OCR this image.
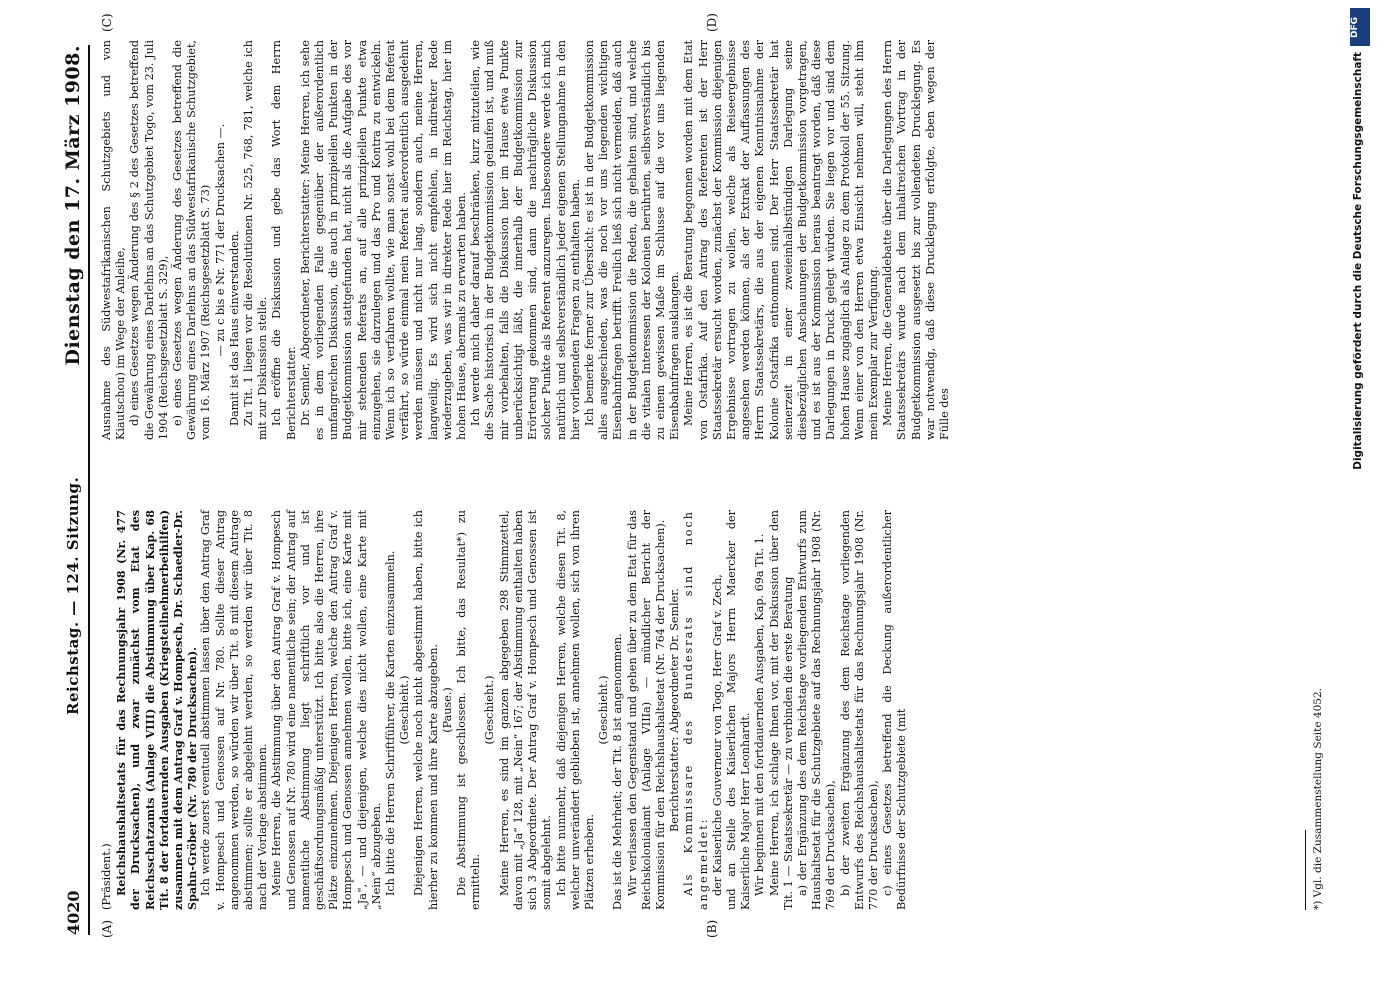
4020
Reichstag. — 124. Sitzung.
Dienstag den 17. März 1908.
(A)	(B)
(C)	(D)

(Präsident.) Reichshaushaltsetats für das Rechnungsjahr 1908 (Nr. 477 der Drucksachen), und zwar zunächst vom Etat des Reichsschatzamts (Anlage VIII) die Abstimmung über Kap. 68 Tit. 8 der fortdauernden Ausgaben (Kriegsteilnehmerbeihilfen) zusammen mit dem Antrag Graf v. Hompesch, Dr. Schaedler-Dr. Spahn-Gröber (Nr. 780 der Drucksachen). Ich werde zuerst eventuell abstimmen lassen über den Antrag Graf v. Hompesch und Genossen auf Nr. 780. Sollte dieser Antrag angenommen werden, so würden wir über Tit. 8 mit diesem Antrage abstimmen; sollte er abgelehnt werden, so werden wir über Tit. 8 nach der Vorlage abstimmen. Meine Herren, die Abstimmung über den Antrag Graf v. Hompesch und Genossen auf Nr. 780 wird eine namentliche sein; der Antrag auf namentliche Abstimmung liegt schriftlich vor und ist geschäftsordnungsmäßig unterstützt. Ich bitte also die Herren, ihre Plätze einzunehmen. Diejenigen Herren, welche den Antrag Graf v. Hompesch und Genossen annehmen wollen, bitte ich, eine Karte mit „Ja“, — und diejenigen, welche dies nicht wollen, eine Karte mit „Nein“ abzugeben. Ich bitte die Herren Schriftführer, die Karten einzusammeln. (Geschieht.) Diejenigen Herren, welche noch nicht abgestimmt haben, bitte ich hierher zu kommen und ihre Karte abzugeben. (Pause.) Die Abstimmung ist geschlossen. Ich bitte, das Resultat*) zu ermitteln.

(Geschieht.) Meine Herren, es sind im ganzen abgegeben 298 Stimmzettel, davon mit „Ja“ 128, mit „Nein“ 167; der Abstimmung enthalten haben sich 3 Abgeordnete. Der Antrag Graf v. Hompesch und Genossen ist somit abgelehnt. Ich bitte nunmehr, daß diejenigen Herren, welche diesen Tit. 8, welcher unverändert geblieben ist, annehmen wollen, sich von ihren Plätzen erheben.

(Geschieht.) Das ist die Mehrheit; der Tit. 8 ist angenommen. Wir verlassen den Gegenstand und gehen über zu dem Etat für das Reichskolonialamt (Anlage VIIIa) — mündlicher Bericht der Kommission für den Reichshaushaltsetat (Nr. 764 der Drucksachen). Berichterstatter: Abgeordneter Dr. Semler. Als Kommissare des Bundesrats sind noch angemeldet: der Kaiserliche Gouverneur von Togo, Herr Graf v. Zech, und an Stelle des Kaiserlichen Majors Herrn Maercker der Kaiserliche Major Herr Leonhardt. Wir beginnen mit den fortdauernden Ausgaben, Kap. 69a Tit. 1. Meine Herren, ich schlage Ihnen vor, mit der Diskussion über den Tit. 1 — Staatssekretär — zu verbinden die erste Beratung a) der Ergänzung des dem Reichstage vorliegenden Entwurfs zum Haushaltsetat für die Schutzgebiete auf das Rechnungsjahr 1908 (Nr. 769 der Drucksachen), b) der zweiten Ergänzung des dem Reichstage vorliegenden Entwurfs des Reichshaushaltsetats für das Rechnungsjahr 1908 (Nr. 770 der Drucksachen), c) eines Gesetzes betreffend die Deckung außerordentlicher Bedürfnisse der Schutzgebiete (mit	*) Vgl. die Zusammenstellung Seite 4052.

Ausnahme des Südwestafrikanischen Schutzgebiets und von Kiautschou) im Wege der Anleihe, d) eines Gesetzes wegen Änderung des § 2 des Gesetzes betreffend die Gewährung eines Darlehns an das Schutzgebiet Togo, vom 23. Juli 1904 (Reichsgesetzblatt S. 329), e) eines Gesetzes wegen Änderung des Gesetzes betreffend die Gewährung eines Darlehns an das Südwestafrikanische Schutzgebiet, vom 16. März 1907 (Reichsgesetzblatt S. 73) — zu c bis e Nr. 771 der Drucksachen —. Damit ist das Haus einverstanden. Zu Tit. 1 liegen vor die Resolutionen Nr. 525, 768, 781, welche ich mit zur Diskussion stelle. Ich eröffne die Diskussion und gebe das Wort dem Herrn Berichterstatter. Dr. Semler, Abgeordneter, Berichterstatter: Meine Herren, ich sehe es in dem vorliegenden Falle gegenüber der außerordentlich umfangreichen Diskussion, die auch in prinzipiellen Punkten in der Budgetkommission stattgefunden hat, nicht als die Aufgabe des vor mir stehenden Referats an, auf alle prinzipiellen Punkte etwa einzugehen, sie darzulegen und das Pro und Kontra zu entwickeln. Wenn ich so verfahren wollte, wie man sonst wohl bei dem Referat verfährt, so würde einmal mein Referat außerordentlich ausgedehnt werden müssen und nicht nur lang, sondern auch, meine Herren, langweilig. Es wird sich nicht empfehlen, in indirekter Rede wiederzugeben, was wir in direkter Rede hier im Reichstag, hier im hohen Hause, abermals zu erwarten haben. Ich werde mich daher darauf beschränken, kurz mitzuteilen, wie die Sache historisch in der Budgetkommission gelaufen ist, und muß mir vorbehalten, falls die Diskussion hier im Hause etwa Punkte unberücksichtigt läßt, die innerhalb der Budgetkommission zur Erörterung gekommen sind, dann die nachträgliche Diskussion solcher Punkte als Referent anzuregen. Insbesondere werde ich mich natürlich und selbstverständlich jeder eigenen Stellungnahme in den hier vorliegenden Fragen zu enthalten haben. Ich bemerke ferner zur Übersicht: es ist in der Budgetkommission alles ausgeschieden, was die noch vor uns liegenden wichtigen Eisenbahnfragen betrifft. Freilich ließ sich nicht vermeiden, daß auch in der Budgetkommission die Reden, die gehalten sind, und welche die vitalen Interessen der Kolonien berührten, selbstverständlich bis zu einem gewissen Maße im Schlusse auf die vor uns liegenden Eisenbahnfragen ausklangen. Meine Herren, es ist die Beratung begonnen worden mit dem Etat von Ostafrika. Auf den Antrag des Referenten ist der Herr Staatssekretär ersucht worden, zunächst der Kommission diejenigen Ergebnisse vortragen zu wollen, welche als Reiseergebnisse angesehen werden können, als der Extrakt der Auffassungen des Herrn Staatssekretärs, die aus der eigenen Kenntnisnahme der Kolonie Ostafrika entnommen sind. Der Herr Staatssekretär hat seinerzeit in einer zweieinhalbstündigen Darlegung seine diesbezüglichen Anschauungen der Budgetkommission vorgetragen, und es ist aus der Kommission heraus beantragt worden, daß diese Darlegungen in Druck gelegt würden. Sie liegen vor und sind dem hohen Hause zugänglich als Anlage zu dem Protokoll der 55. Sitzung. Wenn einer von den Herren etwa Einsicht nehmen will, steht ihm mein Exemplar zur Verfügung. Meine Herren, die Generaldebatte über die Darlegungen des Herrn Staatssekretärs wurde nach dem inhaltreichen Vortrag in der Budgetkommission ausgesetzt bis zur vollendeten Drucklegung. Es war notwendig, daß diese Drucklegung erfolgte, eben wegen der Fülle des

DFG
Digitalisierung gefördert durch die Deutsche Forschungsgemeinschaft
